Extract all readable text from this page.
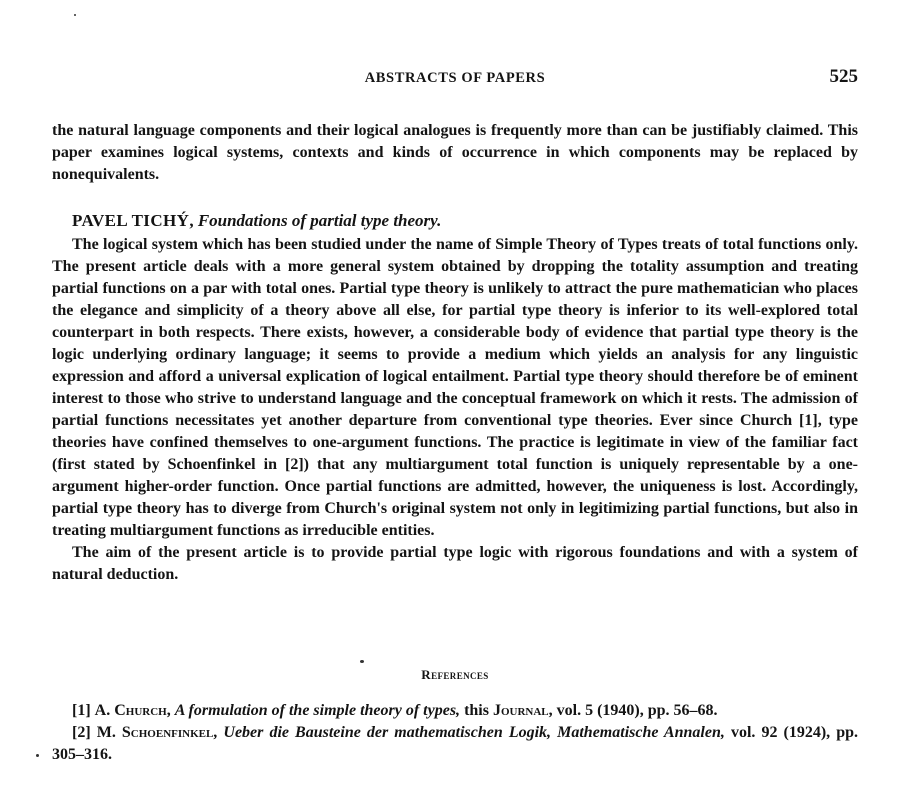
ABSTRACTS OF PAPERS	525

the natural language components and their logical analogues is frequently more than can be justifiably claimed. This paper examines logical systems, contexts and kinds of occurrence in which components may be replaced by nonequivalents.

PAVEL TICHÝ, Foundations of partial type theory.

The logical system which has been studied under the name of Simple Theory of Types treats of total functions only. The present article deals with a more general system obtained by dropping the totality assumption and treating partial functions on a par with total ones. Partial type theory is unlikely to attract the pure mathematician who places the elegance and simplicity of a theory above all else, for partial type theory is inferior to its well-explored total counterpart in both respects. There exists, however, a considerable body of evidence that partial type theory is the logic underlying ordinary language; it seems to provide a medium which yields an analysis for any linguistic expression and afford a universal explication of logical entailment. Partial type theory should therefore be of eminent interest to those who strive to understand language and the conceptual framework on which it rests. The admission of partial functions necessitates yet another departure from conventional type theories. Ever since Church [1], type theories have confined themselves to one-argument functions. The practice is legitimate in view of the familiar fact (first stated by Schoenfinkel in [2]) that any multiargument total function is uniquely representable by a one-argument higher-order function. Once partial functions are admitted, however, the uniqueness is lost. Accordingly, partial type theory has to diverge from Church's original system not only in legitimizing partial functions, but also in treating multiargument functions as irreducible entities.

The aim of the present article is to provide partial type logic with rigorous foundations and with a system of natural deduction.

References

[1] A. Church, A formulation of the simple theory of types, this Journal, vol. 5 (1940), pp. 56–68.

[2] M. Schoenfinkel, Ueber die Bausteine der mathematischen Logik, Mathematische Annalen, vol. 92 (1924), pp. 305–316.
